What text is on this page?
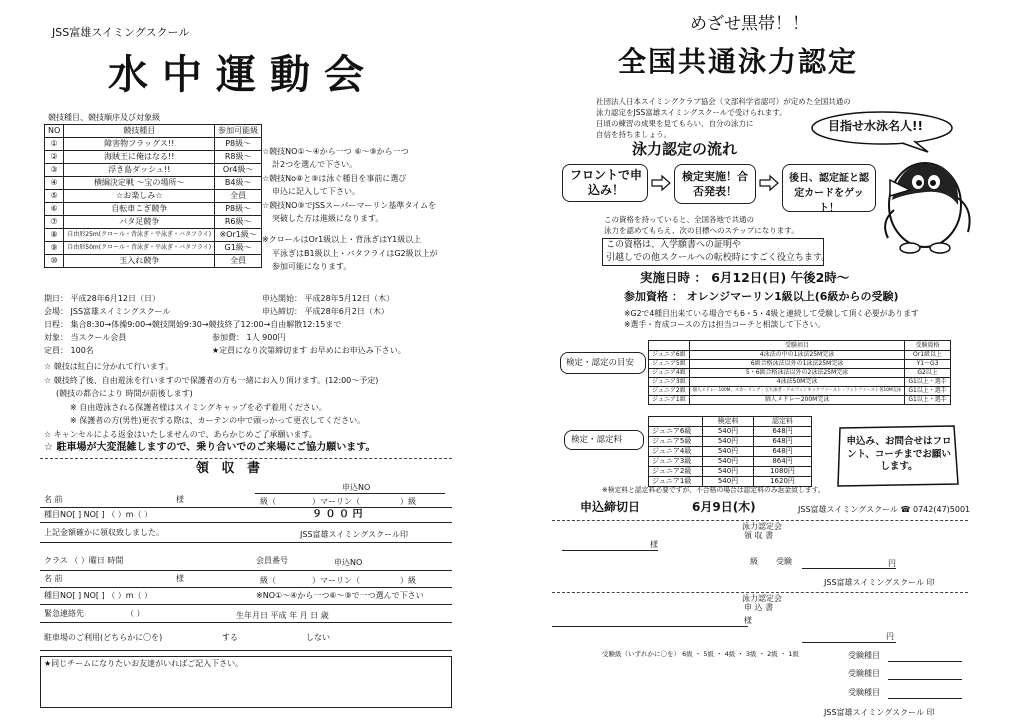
JSS富雄スイミングスクール
水中運動会
競技種目、競技順序及び対象級
NO	競技種目	参加可能級
①	障害物フラッグス!!	P8級～
②	海賊王に俺はなる!!	R8級～
③	浮き島ダッシュ!!	Or4級～
④	横綱決定戦 ～宝の場所～	B4級～
⑤	☆お楽しみ☆	全員
⑥	自転車こぎ競争	P8級～
⑦	バタ足競争	R6級～
⑧	自由形25m(クロール・背泳ぎ・平泳ぎ・バタフライ)	※Or1級～
⑨	自由形50m(クロール・背泳ぎ・平泳ぎ・バタフライ)	G1級～
⑩	玉入れ競争	全員
☆競技NO①～④から一つ ⑥～⑨から一つ
計2つを選んで下さい。
☆競技No⑧と⑨は泳ぐ種目を事前に選び
申込に記入して下さい。
☆競技NO⑨でJSSスーパーマーリン基準タイムを
突破した方は進級になります。
※クロールはOr1級以上・背泳ぎはY1級以上
平泳ぎはB1級以上・バタフライはG2級以上が
参加可能になります。
期日： 平成28年6月12日（日）
会場： JSS富雄スイミングスクール
日程： 集合8:30→体操9:00→競技開始9:30→競技終了12:00→自由解散12:15まで
対象： 当スクール会員
定員： 100名
申込開始： 平成28年5月12日（木）
申込締切： 平成28年6月2日（木）
参加費： 1人 900円
★定員になり次第締切ます お早めにお申込み下さい。
☆ 競技は紅白に分かれて行います。
☆ 競技終了後、自由遊泳を行いますので保護者の方も一緒にお入り頂けます。(12:00～予定)
(競技の都合により 時間が前後します)
※ 自由遊泳される保護者様はスイミングキャップを必ず着用ください。
※ 保護者の方(男性)更衣する際は、カーテンの中で頭っかって更衣してください。
☆ キャンセルによる返金はいたしませんので、あらかじめご了承願います。
☆ 駐車場が大変混雑しますので、乗り合いでのご来場にご協力願います。
領 収 書
申込NO
名 前	様	級（	）マーリン（	）級
種目NO[ ] NO[ ] （ ）m（ ）	９ ０ ０ 円
上記金額確かに領収致しました。	JSS富雄スイミングスクール印
クラス （ ）曜日 時間	会員番号	申込NO
名 前	様	級（	）マーリン（	）級
種目NO[ ] NO[ ] （ ）m（ ）	※NO①～④から一つ⑥～⑨で一つ選んで下さい
緊急連絡先	（ ）	生年月日 平成 年 月 日 歳
駐車場のご利用(どちらかに〇を)	する	しない
★同じチームになりたいお友達がいればご記入下さい。
めざせ黒帯！！
全国共通泳力認定
社団法人日本スイミングクラブ協会（文部科学省認可）が定めた全国共通の
泳力認定をJSS富雄スイミングスクールで受けられます。
日頃の練習の成果を見てもらい、自分の泳力に
自信を持ちましょう。
目指せ水泳名人!!
泳力認定の流れ
フロントで申込み！
検定実施！合否発表！
後日、認定証と認定カードをゲット！
この資格を持っていると、全国各地で共通の
泳力を認めてもらえ、次の目標へのステップになります。
この資格は、入学願書への証明や
引越しでの他スクールへの転校時にすごく役立ちます。
実施日時 ： 6月12日(日) 午後2時～
参加資格 ： オレンジマーリン1級以上(6級からの受験)
※G2で4種目出来ている場合でも6・5・4級と連続して受験して頂く必要があります
※選手・育成コースの方は担当コーチと相談して下さい。
検定・認定の目安
	受験項目	受験資格
ジュニア6級	4泳法の中の1泳法25M完泳	Or1級以上
ジュニア5級	6級合格泳法以外の1泳法25M完泳	Y1～G3
ジュニア4級	5・6級合格泳法以外の2泳法25M完泳	G2以上
ジュニア3級	4泳法50M完泳	G1以上・選手
ジュニア2級	個人メドレー100M、スカーリング・立ち泳ぎ・ドルフィンキックファースト・フットファースト各10M完泳	G1以上・選手
ジュニア1級	個人メドレー200M完泳	G1以上・選手
検定・認定料
	検定料	認定料
ジュニア6級	540円	648円
ジュニア5級	540円	648円
ジュニア4級	540円	648円
ジュニア3級	540円	864円
ジュニア2級	540円	1080円
ジュニア1級	540円	1620円
申込み、お問合せはフロント、コーチまでお願いします。
※検定料と認定料必要ですが、不合格の場合は認定料のみ返金致します。
申込締切日	6月9日(木)	JSS富雄スイミングスクール ☎ 0742(47)5001
泳力認定会
領 収 書
様
級 受験	円
JSS富雄スイミングスクール 印
泳力認定会
申 込 書
様
円
受験級（いずれかに〇を） 6級 ・ 5級 ・ 4級 ・ 3級 ・ 2級 ・ 1級	受験種目
受験種目
受験種目
JSS富雄スイミングスクール 印
